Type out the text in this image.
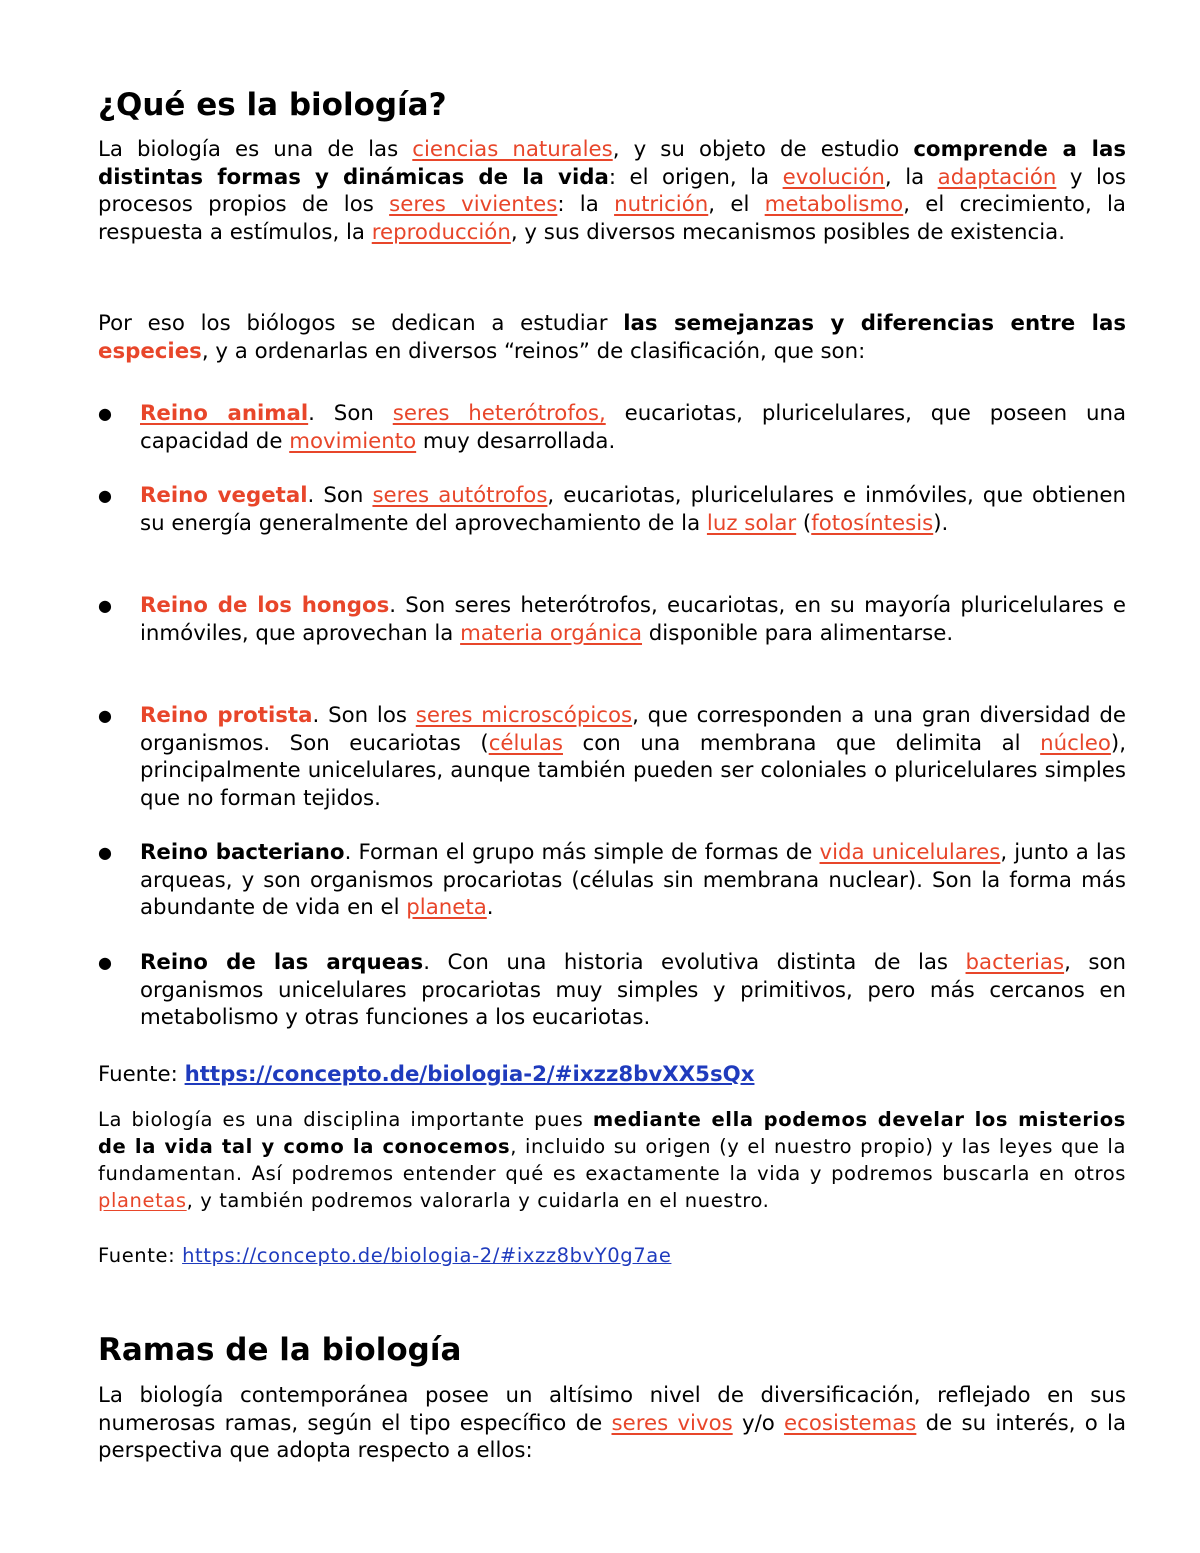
¿Qué es la biología?

La biología es una de las ciencias naturales, y su objeto de estudio comprende a las distintas formas y dinámicas de la vida: el origen, la evolución, la adaptación y los procesos propios de los seres vivientes: la nutrición, el metabolismo, el crecimiento, la respuesta a estímulos, la reproducción, y sus diversos mecanismos posibles de existencia.

Por eso los biólogos se dedican a estudiar las semejanzas y diferencias entre las especies, y a ordenarlas en diversos “reinos” de clasificación, que son:

● Reino animal. Son seres heterótrofos, eucariotas, pluricelulares, que poseen una capacidad de movimiento muy desarrollada.

● Reino vegetal. Son seres autótrofos, eucariotas, pluricelulares e inmóviles, que obtienen su energía generalmente del aprovechamiento de la luz solar (fotosíntesis).

● Reino de los hongos. Son seres heterótrofos, eucariotas, en su mayoría pluricelulares e inmóviles, que aprovechan la materia orgánica disponible para alimentarse.

● Reino protista. Son los seres microscópicos, que corresponden a una gran diversidad de organismos. Son eucariotas (células con una membrana que delimita al núcleo), principalmente unicelulares, aunque también pueden ser coloniales o pluricelulares simples que no forman tejidos.

● Reino bacteriano. Forman el grupo más simple de formas de vida unicelulares, junto a las arqueas, y son organismos procariotas (células sin membrana nuclear). Son la forma más abundante de vida en el planeta.

● Reino de las arqueas. Con una historia evolutiva distinta de las bacterias, son organismos unicelulares procariotas muy simples y primitivos, pero más cercanos en metabolismo y otras funciones a los eucariotas.

Fuente: https://concepto.de/biologia-2/#ixzz8bvXX5sQx

La biología es una disciplina importante pues mediante ella podemos develar los misterios de la vida tal y como la conocemos, incluido su origen (y el nuestro propio) y las leyes que la fundamentan. Así podremos entender qué es exactamente la vida y podremos buscarla en otros planetas, y también podremos valorarla y cuidarla en el nuestro.

Fuente: https://concepto.de/biologia-2/#ixzz8bvY0g7ae

Ramas de la biología

La biología contemporánea posee un altísimo nivel de diversificación, reflejado en sus numerosas ramas, según el tipo específico de seres vivos y/o ecosistemas de su interés, o la perspectiva que adopta respecto a ellos:
